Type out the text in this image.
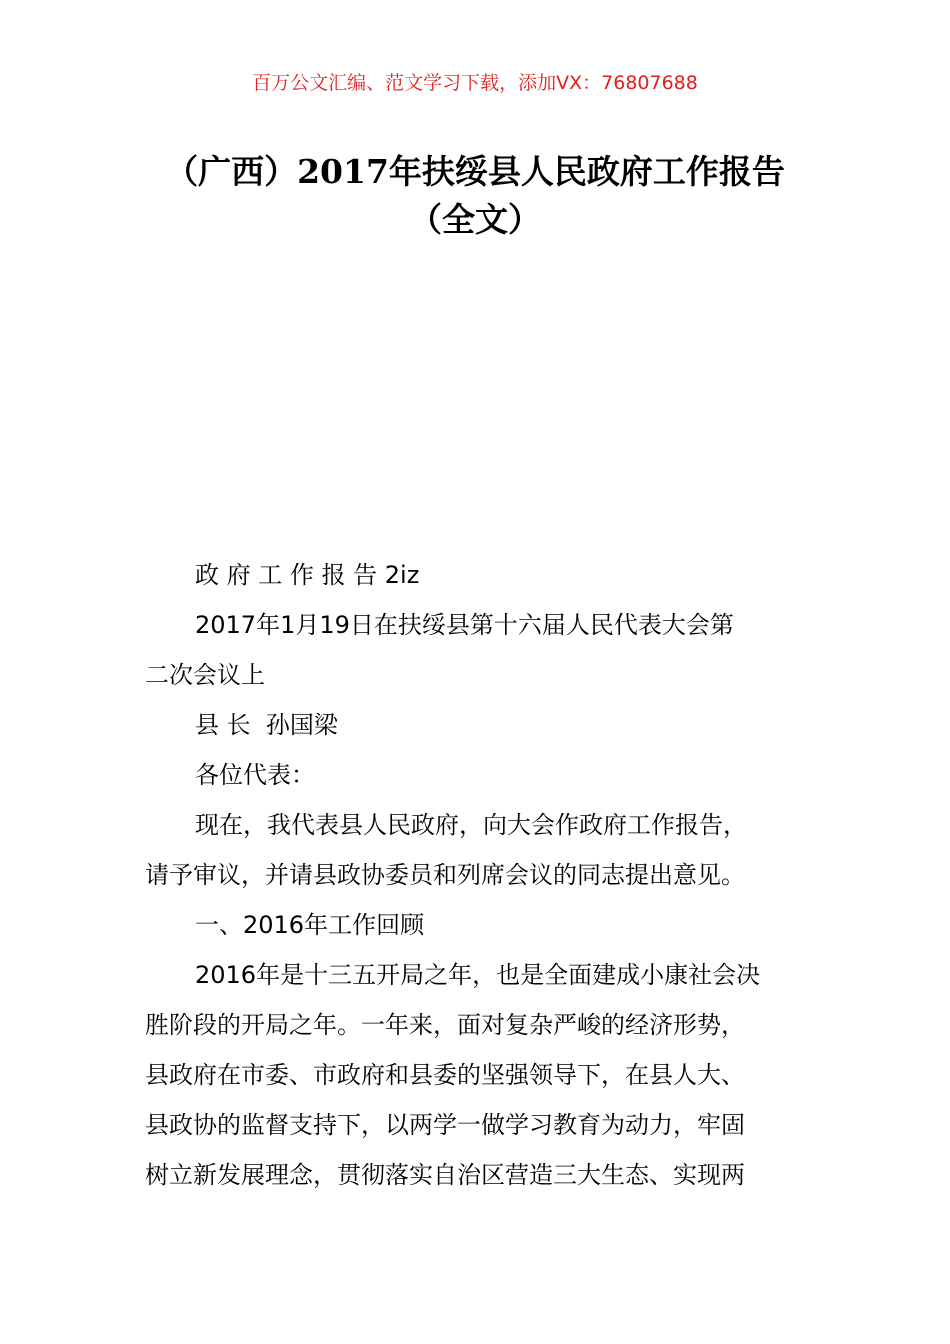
百万公文汇编、范文学习下载，添加VX：76807688
（广西）2017年扶绥县人民政府工作报告
（全文）
政 府 工 作 报 告 2iz
2017年1月19日在扶绥县第十六届人民代表大会第
二次会议上
县 长  孙国梁
各位代表：
现在，我代表县人民政府，向大会作政府工作报告，
请予审议，并请县政协委员和列席会议的同志提出意见。
一、2016年工作回顾
2016年是十三五开局之年，也是全面建成小康社会决
胜阶段的开局之年。一年来，面对复杂严峻的经济形势，
县政府在市委、市政府和县委的坚强领导下，在县人大、
县政协的监督支持下，以两学一做学习教育为动力，牢固
树立新发展理念，贯彻落实自治区营造三大生态、实现两
